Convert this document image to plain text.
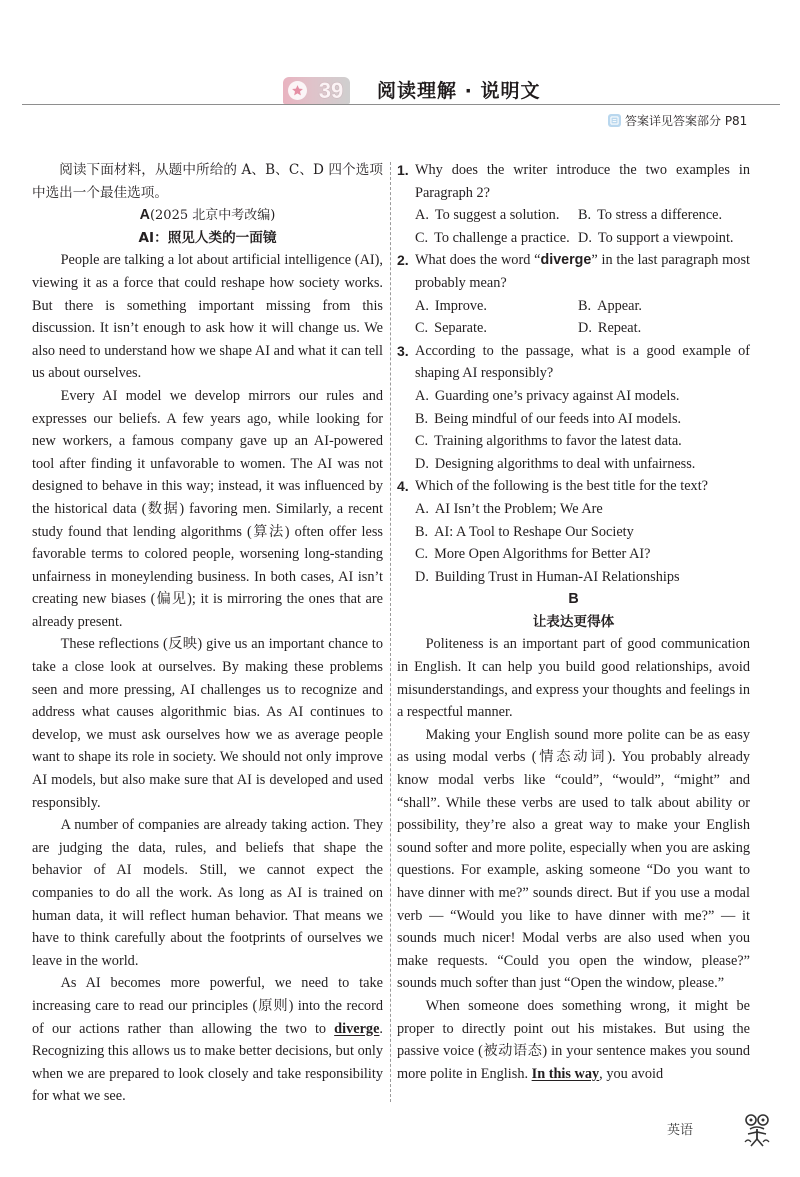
39 阅读理解 · 说明文
答案详见答案部分 P81
阅读下面材料，从题中所给的 A、B、C、D 四个选项中选出一个最佳选项。
A(2025 北京中考改编)
AI：照见人类的一面镜

People are talking a lot about artificial intelligence (AI), viewing it as a force that could reshape how society works. But there is something important missing from this discussion. It isn’t enough to ask how it will change us. We also need to understand how we shape AI and what it can tell us about ourselves.

Every AI model we develop mirrors our rules and expresses our beliefs. A few years ago, while looking for new workers, a famous company gave up an AI-powered tool after finding it unfavorable to women. The AI was not designed to behave in this way; instead, it was influenced by the historical data (数据) favoring men. Similarly, a recent study found that lending algorithms (算法) often offer less favorable terms to colored people, worsening long-standing unfairness in moneylending business. In both cases, AI isn’t creating new biases (偏见); it is mirroring the ones that are already present.

These reflections (反映) give us an important chance to take a close look at ourselves. By making these problems seen and more pressing, AI challenges us to recognize and address what causes algorithmic bias. As AI continues to develop, we must ask ourselves how we as average people want to shape its role in society. We should not only improve AI models, but also make sure that AI is developed and used responsibly.

A number of companies are already taking action. They are judging the data, rules, and beliefs that shape the behavior of AI models. Still, we cannot expect the companies to do all the work. As long as AI is trained on human data, it will reflect human behavior. That means we have to think carefully about the footprints of ourselves we leave in the world.

As AI becomes more powerful, we need to take increasing care to read our principles (原则) into the record of our actions rather than allowing the two to diverge. Recognizing this allows us to make better decisions, but only when we are prepared to look closely and take responsibility for what we see.

1. Why does the writer introduce the two examples in Paragraph 2?
A. To suggest a solution.	B. To stress a difference.
C. To challenge a practice. D. To support a viewpoint.
2. What does the word “diverge” in the last paragraph most probably mean?
A. Improve.	B. Appear.
C. Separate.	D. Repeat.
3. According to the passage, what is a good example of shaping AI responsibly?
A. Guarding one’s privacy against AI models.
B. Being mindful of our feeds into AI models.
C. Training algorithms to favor the latest data.
D. Designing algorithms to deal with unfairness.
4. Which of the following is the best title for the text?
A. AI Isn’t the Problem; We Are
B. AI: A Tool to Reshape Our Society
C. More Open Algorithms for Better AI?
D. Building Trust in Human-AI Relationships
B
让表达更得体

Politeness is an important part of good communication in English. It can help you build good relationships, avoid misunderstandings, and express your thoughts and feelings in a respectful manner.

Making your English sound more polite can be as easy as using modal verbs (情态动词). You probably already know modal verbs like “could”, “would”, “might” and “shall”. While these verbs are used to talk about ability or possibility, they’re also a great way to make your English sound softer and more polite, especially when you are asking questions. For example, asking someone “Do you want to have dinner with me?” sounds direct. But if you use a modal verb — “Would you like to have dinner with me?” — it sounds much nicer! Modal verbs are also used when you make requests. “Could you open the window, please?” sounds much softer than just “Open the window, please.”

When someone does something wrong, it might be proper to directly point out his mistakes. But using the passive voice (被动语态) in your sentence makes you sound more polite in English. In this way, you avoid

英语
